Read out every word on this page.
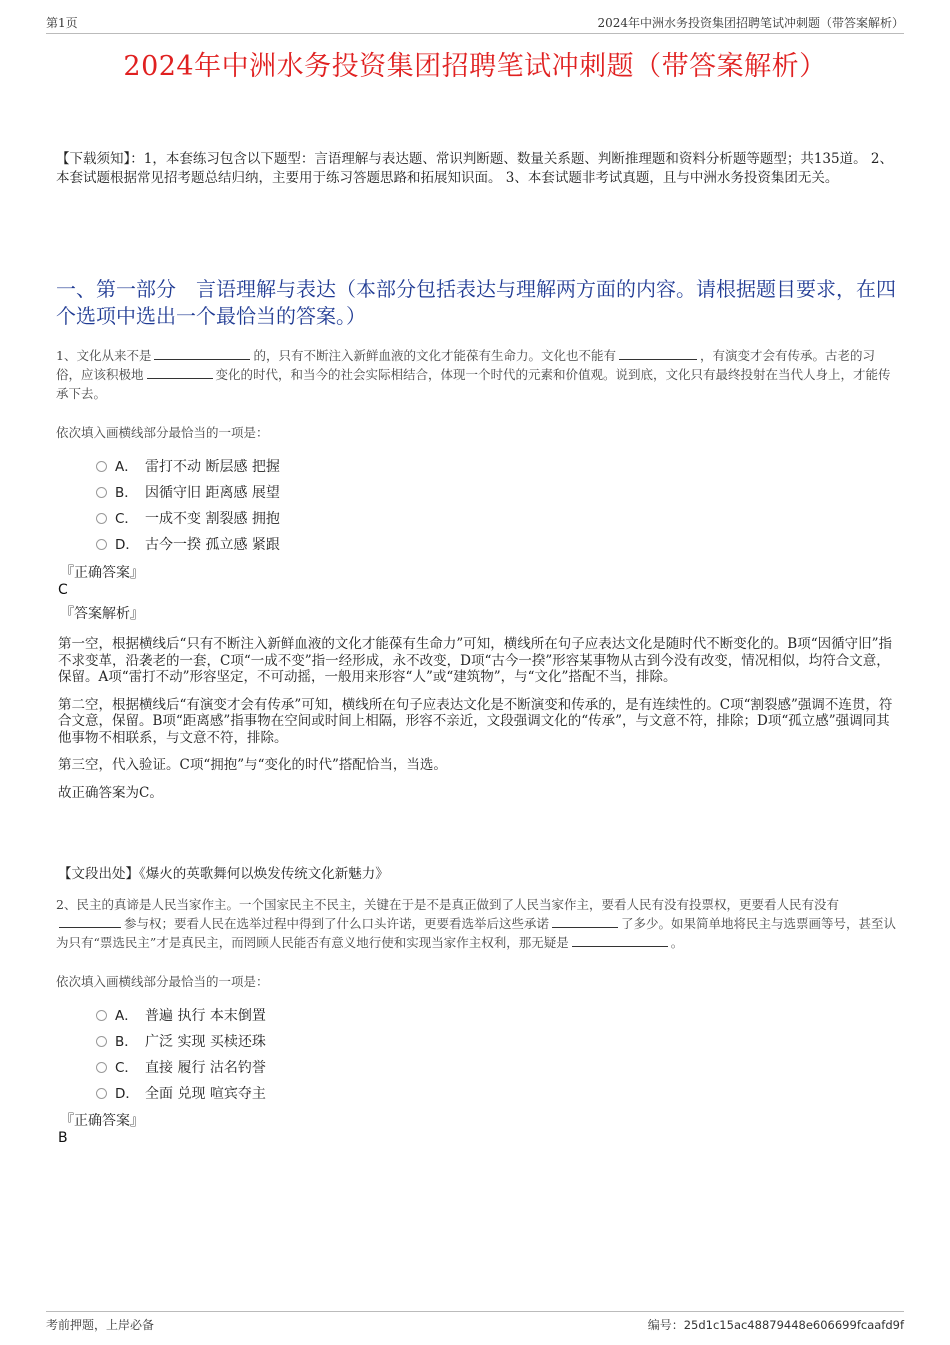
第1页	2024年中洲水务投资集团招聘笔试冲刺题（带答案解析）
2024年中洲水务投资集团招聘笔试冲刺题（带答案解析）
【下载须知】：1，本套练习包含以下题型：言语理解与表达题、常识判断题、数量关系题、判断推理题和资料分析题等题型；共135道。 2、本套试题根据常见招考题总结归纳，主要用于练习答题思路和拓展知识面。 3、本套试题非考试真题，且与中洲水务投资集团无关。
一、第一部分　言语理解与表达（本部分包括表达与理解两方面的内容。请根据题目要求，在四个选项中选出一个最恰当的答案。）
1、文化从来不是	的，只有不断注入新鲜血液的文化才能葆有生命力。文化也不能有	，有演变才会有传承。古老的习俗，应该积极地	变化的时代，和当今的社会实际相结合，体现一个时代的元素和价值观。说到底，文化只有最终投射在当代人身上，才能传承下去。
依次填入画横线部分最恰当的一项是：
A． 雷打不动 断层感 把握
B． 因循守旧 距离感 展望
C． 一成不变 割裂感 拥抱
D． 古今一揆 孤立感 紧跟
『正确答案』
C
『答案解析』

第一空，根据横线后“只有不断注入新鲜血液的文化才能葆有生命力”可知，横线所在句子应表达文化是随时代不断变化的。B项“因循守旧”指不求变革，沿袭老的一套，C项“一成不变”指一经形成，永不改变，D项“古今一揆”形容某事物从古到今没有改变，情况相似，均符合文意，保留。A项“雷打不动”形容坚定，不可动摇，一般用来形容“人”或“建筑物”，与“文化”搭配不当，排除。

第二空，根据横线后“有演变才会有传承”可知，横线所在句子应表达文化是不断演变和传承的，是有连续性的。C项“割裂感”强调不连贯，符合文意，保留。B项“距离感”指事物在空间或时间上相隔，形容不亲近，文段强调文化的“传承”，与文意不符，排除；D项“孤立感”强调同其他事物不相联系，与文意不符，排除。

第三空，代入验证。C项“拥抱”与“变化的时代”搭配恰当，当选。

故正确答案为C。

【文段出处】《爆火的英歌舞何以焕发传统文化新魅力》
2、民主的真谛是人民当家作主。一个国家民主不民主，关键在于是不是真正做到了人民当家作主，要看人民有没有投票权，更要看人民有没有参与权；要看人民在选举过程中得到了什么口头许诺，更要看选举后这些承诺	了多少。如果简单地将民主与选票画等号，甚至认为只有“票选民主”才是真民主，而罔顾人民能否有意义地行使和实现当家作主权利，那无疑是	。
依次填入画横线部分最恰当的一项是：
A． 普遍 执行 本末倒置
B． 广泛 实现 买椟还珠
C． 直接 履行 沽名钓誉
D． 全面 兑现 喧宾夺主
『正确答案』
B
考前押题，上岸必备	编号：25d1c15ac48879448e606699fcaafd9f
